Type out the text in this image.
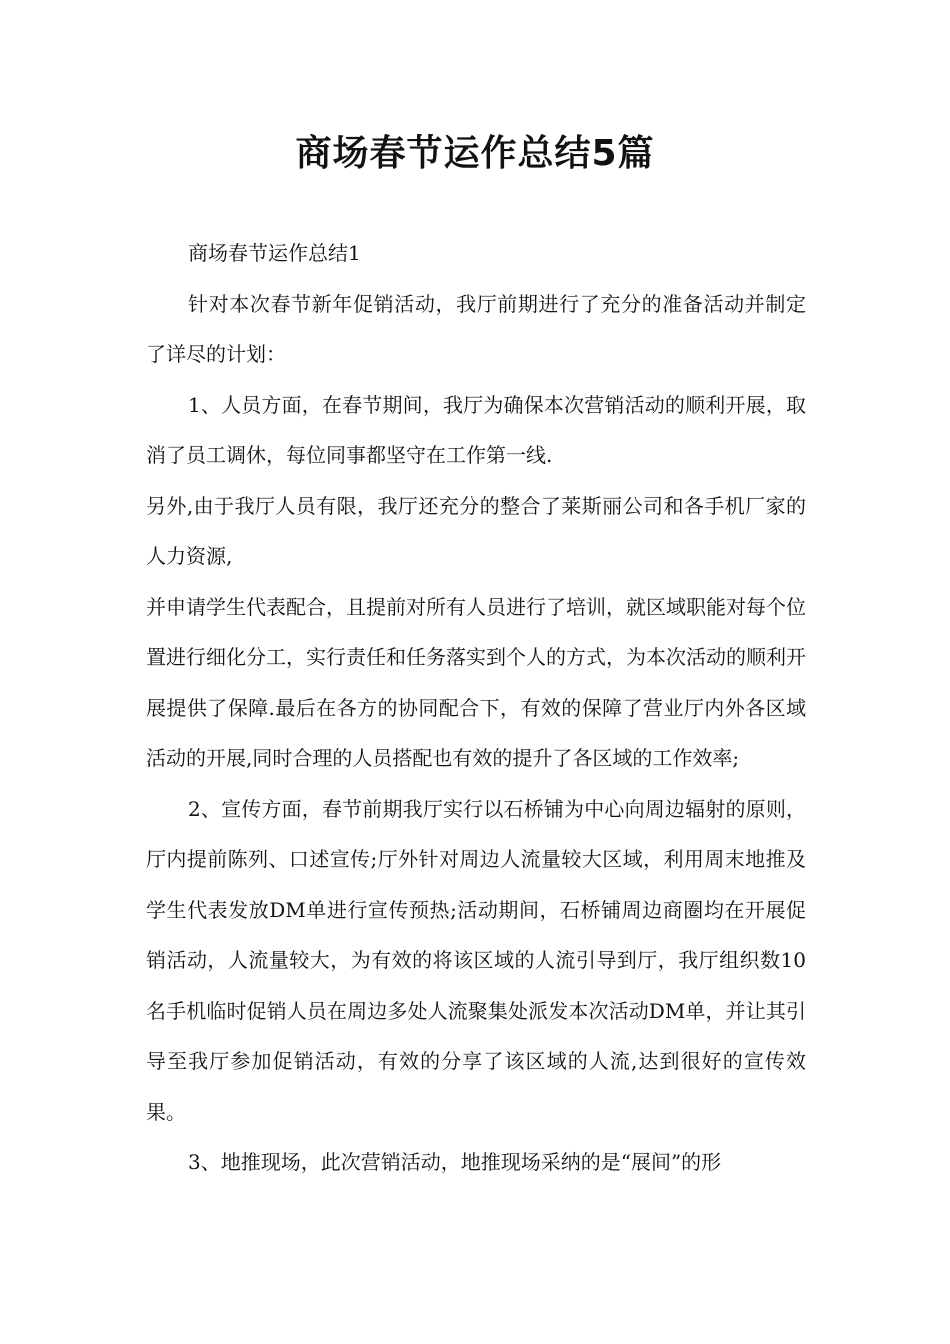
商场春节运作总结5篇

商场春节运作总结1

针对本次春节新年促销活动，我厅前期进行了充分的准备活动并制定了详尽的计划：

1、人员方面，在春节期间，我厅为确保本次营销活动的顺利开展，取消了员工调休，每位同事都坚守在工作第一线.

另外,由于我厅人员有限，我厅还充分的整合了莱斯丽公司和各手机厂家的人力资源,

并申请学生代表配合，且提前对所有人员进行了培训，就区域职能对每个位置进行细化分工，实行责任和任务落实到个人的方式，为本次活动的顺利开展提供了保障.最后在各方的协同配合下，有效的保障了营业厅内外各区域活动的开展,同时合理的人员搭配也有效的提升了各区域的工作效率;

2、宣传方面，春节前期我厅实行以石桥铺为中心向周边辐射的原则，厅内提前陈列、口述宣传;厅外针对周边人流量较大区域，利用周末地推及学生代表发放DM单进行宣传预热;活动期间，石桥铺周边商圈均在开展促销活动，人流量较大，为有效的将该区域的人流引导到厅，我厅组织数10名手机临时促销人员在周边多处人流聚集处派发本次活动DM单，并让其引导至我厅参加促销活动，有效的分享了该区域的人流,达到很好的宣传效果。

3、地推现场，此次营销活动，地推现场采纳的是“展间”的形
